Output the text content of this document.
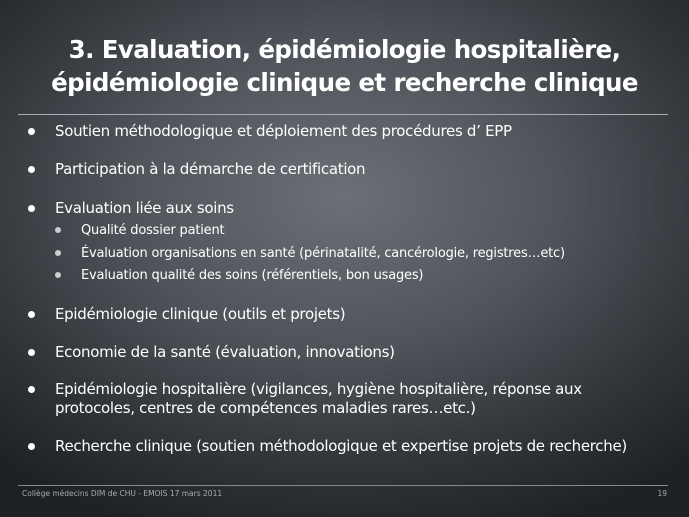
3. Evaluation, épidémiologie hospitalière,
épidémiologie clinique et recherche clinique
Soutien méthodologique et déploiement des procédures d’ EPP
Participation à la démarche de certification
Evaluation liée aux soins
Qualité dossier patient
Évaluation organisations en santé (périnatalité, cancérologie, registres…etc)
Evaluation qualité des soins (référentiels, bon usages)
Epidémiologie clinique (outils et projets)
Economie de la santé (évaluation, innovations)
Epidémiologie hospitalière (vigilances, hygiène hospitalière, réponse aux
protocoles, centres de compétences maladies rares…etc.)
Recherche clinique (soutien méthodologique et expertise projets de recherche)
Collège médecins DIM de CHU - EMOIS 17 mars 2011	19
